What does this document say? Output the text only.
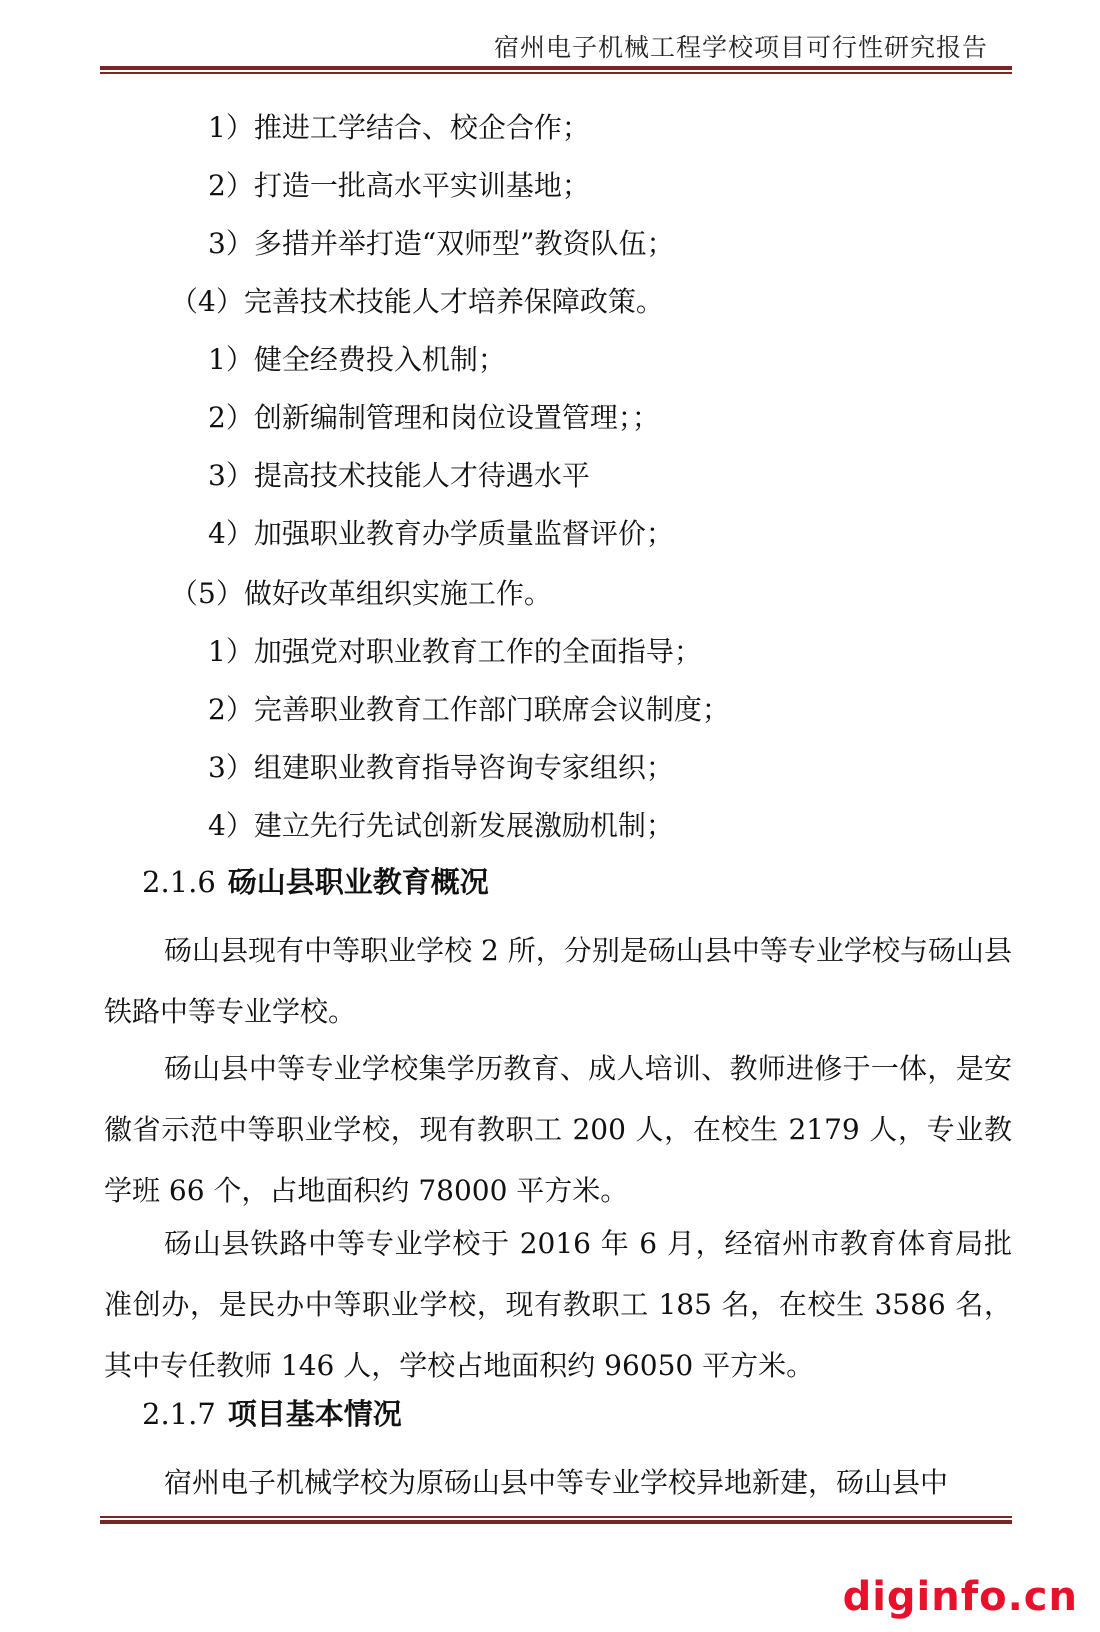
宿州电子机械工程学校项目可行性研究报告
1）推进工学结合、校企合作；
2）打造一批高水平实训基地；
3）多措并举打造“双师型”教资队伍；
（4）完善技术技能人才培养保障政策。
1）健全经费投入机制；
2）创新编制管理和岗位设置管理；；
3）提高技术技能人才待遇水平
4）加强职业教育办学质量监督评价；
（5）做好改革组织实施工作。
1）加强党对职业教育工作的全面指导；
2）完善职业教育工作部门联席会议制度；
3）组建职业教育指导咨询专家组织；
4）建立先行先试创新发展激励机制；
2.1.6 砀山县职业教育概况
砀山县现有中等职业学校 2 所，分别是砀山县中等专业学校与砀山县铁路中等专业学校。
砀山县中等专业学校集学历教育、成人培训、教师进修于一体，是安徽省示范中等职业学校，现有教职工 200 人，在校生 2179 人，专业教学班 66 个，占地面积约 78000 平方米。
砀山县铁路中等专业学校于 2016 年 6 月，经宿州市教育体育局批准创办，是民办中等职业学校，现有教职工 185 名，在校生 3586 名，其中专任教师 146 人，学校占地面积约 96050 平方米。
2.1.7 项目基本情况
宿州电子机械学校为原砀山县中等专业学校异地新建，砀山县中
diginfo.cn
